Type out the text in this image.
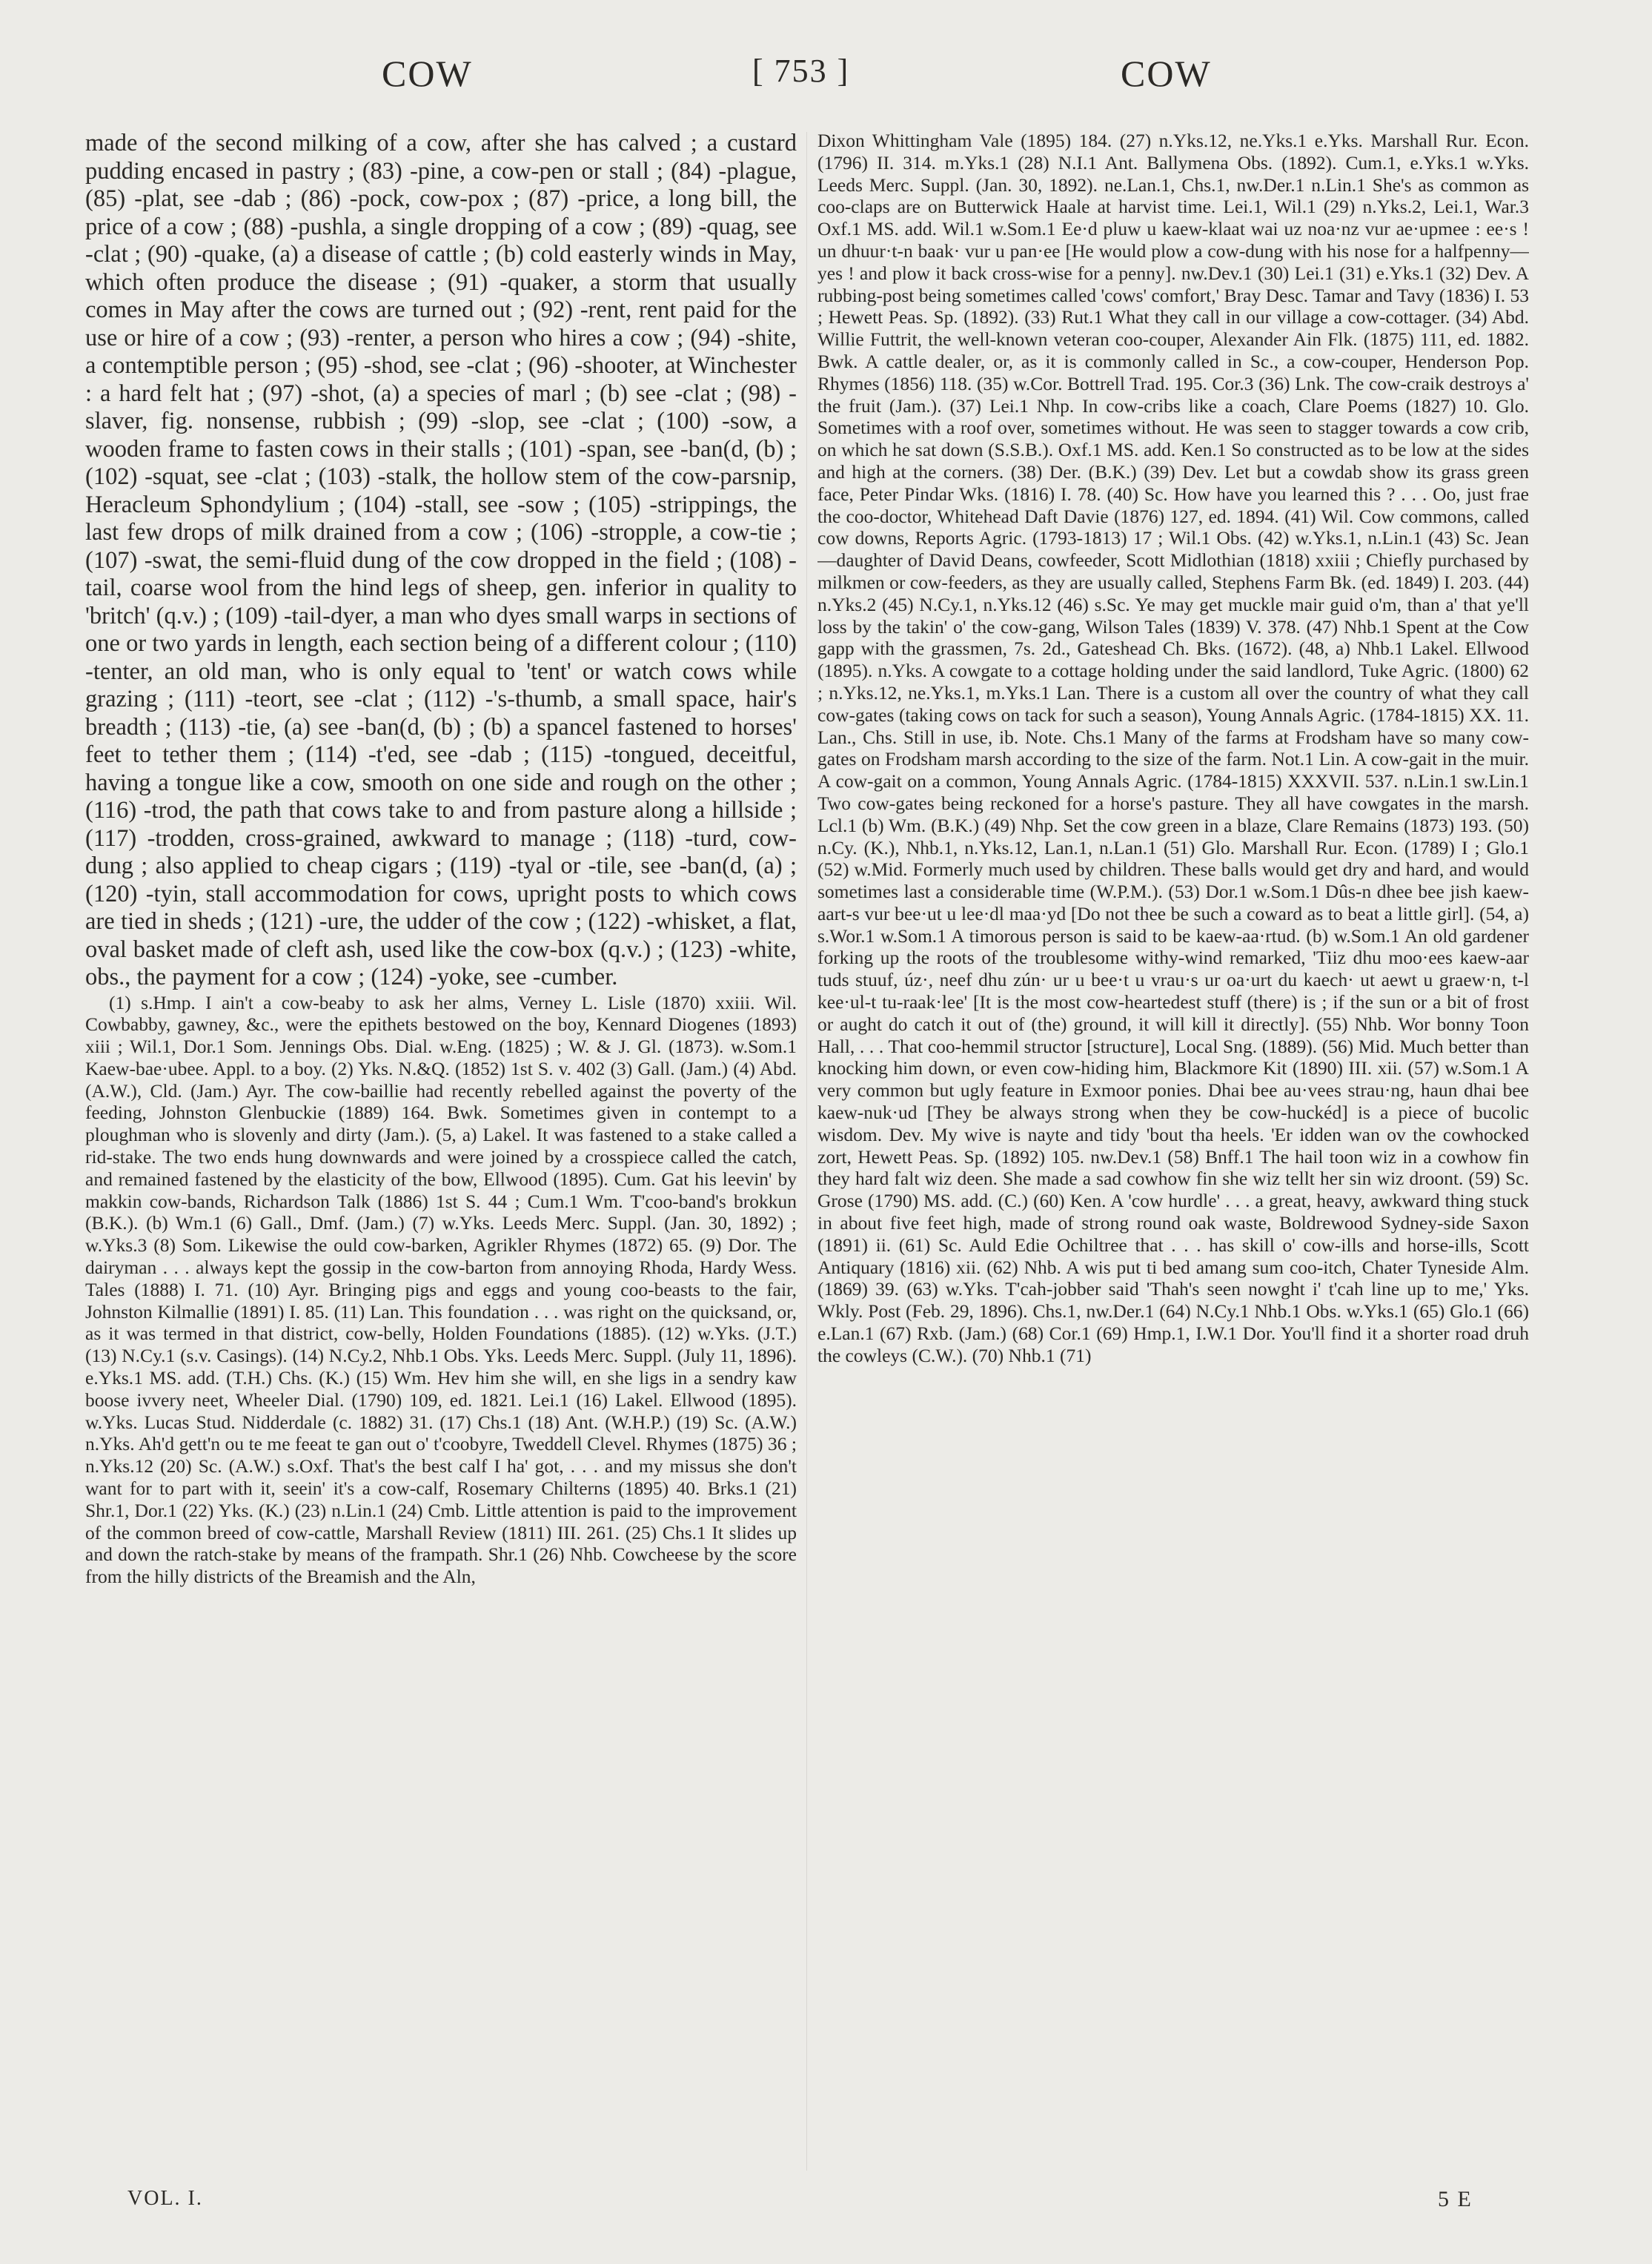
COW	[ 753 ]	COW

made of the second milking of a cow, after she has calved ; a custard pudding encased in pastry ; (83) -pine, a cow-pen or stall ; (84) -plague, (85) -plat, see -dab ; (86) -pock, cow-pox ; (87) -price, a long bill, the price of a cow ; (88) -pushla, a single dropping of a cow ; (89) -quag, see -clat ; (90) -quake, (a) a disease of cattle ; (b) cold easterly winds in May, which often produce the disease ; (91) -quaker, a storm that usually comes in May after the cows are turned out ; (92) -rent, rent paid for the use or hire of a cow ; (93) -renter, a person who hires a cow ; (94) -shite, a contemptible person ; (95) -shod, see -clat ; (96) -shooter, at Winchester : a hard felt hat ; (97) -shot, (a) a species of marl ; (b) see -clat ; (98) -slaver, fig. nonsense, rubbish ; (99) -slop, see -clat ; (100) -sow, a wooden frame to fasten cows in their stalls ; (101) -span, see -ban(d, (b) ; (102) -squat, see -clat ; (103) -stalk, the hollow stem of the cow-parsnip, Heracleum Sphondylium ; (104) -stall, see -sow ; (105) -strippings, the last few drops of milk drained from a cow ; (106) -stropple, a cow-tie ; (107) -swat, the semi-fluid dung of the cow dropped in the field ; (108) -tail, coarse wool from the hind legs of sheep, gen. inferior in quality to 'britch' (q.v.) ; (109) -tail-dyer, a man who dyes small warps in sections of one or two yards in length, each section being of a different colour ; (110) -tenter, an old man, who is only equal to 'tent' or watch cows while grazing ; (111) -teort, see -clat ; (112) -'s-thumb, a small space, hair's breadth ; (113) -tie, (a) see -ban(d, (b) ; (b) a spancel fastened to horses' feet to tether them ; (114) -t'ed, see -dab ; (115) -tongued, deceitful, having a tongue like a cow, smooth on one side and rough on the other ; (116) -trod, the path that cows take to and from pasture along a hillside ; (117) -trodden, cross-grained, awkward to manage ; (118) -turd, cow-dung ; also applied to cheap cigars ; (119) -tyal or -tile, see -ban(d, (a) ; (120) -tyin, stall accommodation for cows, upright posts to which cows are tied in sheds ; (121) -ure, the udder of the cow ; (122) -whisket, a flat, oval basket made of cleft ash, used like the cow-box (q.v.) ; (123) -white, obs., the payment for a cow ; (124) -yoke, see -cumber.

(1) s.Hmp. I ain't a cow-beaby to ask her alms, Verney L. Lisle (1870) xxiii. Wil. Cowbabby, gawney, &c., were the epithets bestowed on the boy, Kennard Diogenes (1893) xiii ; Wil.1, Dor.1 Som. Jennings Obs. Dial. w.Eng. (1825) ; W. & J. Gl. (1873). w.Som.1 Kaew-bae·ubee. Appl. to a boy. (2) Yks. N.&Q. (1852) 1st S. v. 402 (3) Gall. (Jam.) (4) Abd. (A.W.), Cld. (Jam.) Ayr. The cow-baillie had recently rebelled against the poverty of the feeding, Johnston Glenbuckie (1889) 164. Bwk. Sometimes given in contempt to a ploughman who is slovenly and dirty (Jam.). (5, a) Lakel. It was fastened to a stake called a rid-stake. The two ends hung downwards and were joined by a crosspiece called the catch, and remained fastened by the elasticity of the bow, Ellwood (1895). Cum. Gat his leevin' by makkin cow-bands, Richardson Talk (1886) 1st S. 44 ; Cum.1 Wm. T'coo-band's brokkun (B.K.). (b) Wm.1 (6) Gall., Dmf. (Jam.) (7) w.Yks. Leeds Merc. Suppl. (Jan. 30, 1892) ; w.Yks.3 (8) Som. Likewise the ould cow-barken, Agrikler Rhymes (1872) 65. (9) Dor. The dairyman . . . always kept the gossip in the cow-barton from annoying Rhoda, Hardy Wess. Tales (1888) I. 71. (10) Ayr. Bringing pigs and eggs and young coo-beasts to the fair, Johnston Kilmallie (1891) I. 85. (11) Lan. This foundation . . . was right on the quicksand, or, as it was termed in that district, cow-belly, Holden Foundations (1885). (12) w.Yks. (J.T.) (13) N.Cy.1 (s.v. Casings). (14) N.Cy.2, Nhb.1 Obs. Yks. Leeds Merc. Suppl. (July 11, 1896). e.Yks.1 MS. add. (T.H.) Chs. (K.) (15) Wm. Hev him she will, en she ligs in a sendry kaw boose ivvery neet, Wheeler Dial. (1790) 109, ed. 1821. Lei.1 (16) Lakel. Ellwood (1895). w.Yks. Lucas Stud. Nidderdale (c. 1882) 31. (17) Chs.1 (18) Ant. (W.H.P.) (19) Sc. (A.W.) n.Yks. Ah'd gett'n ou te me feeat te gan out o' t'coobyre, Tweddell Clevel. Rhymes (1875) 36 ; n.Yks.12 (20) Sc. (A.W.) s.Oxf. That's the best calf I ha' got, . . . and my missus she don't want for to part with it, seein' it's a cow-calf, Rosemary Chilterns (1895) 40. Brks.1 (21) Shr.1, Dor.1 (22) Yks. (K.) (23) n.Lin.1 (24) Cmb. Little attention is paid to the improvement of the common breed of cow-cattle, Marshall Review (1811) III. 261. (25) Chs.1 It slides up and down the ratch-stake by means of the frampath. Shr.1 (26) Nhb. Cowcheese by the score from the hilly districts of the Breamish and the Aln,

Dixon Whittingham Vale (1895) 184. (27) n.Yks.12, ne.Yks.1 e.Yks. Marshall Rur. Econ. (1796) II. 314. m.Yks.1 (28) N.I.1 Ant. Ballymena Obs. (1892). Cum.1, e.Yks.1 w.Yks. Leeds Merc. Suppl. (Jan. 30, 1892). ne.Lan.1, Chs.1, nw.Der.1 n.Lin.1 She's as common as coo-claps are on Butterwick Haale at harvist time. Lei.1, Wil.1 (29) n.Yks.2, Lei.1, War.3 Oxf.1 MS. add. Wil.1 w.Som.1 Ee·d pluw u kaew-klaat wai uz noa·nz vur ae·upmee : ee·s ! un dhuur·t-n baak· vur u pan·ee [He would plow a cow-dung with his nose for a halfpenny—yes ! and plow it back cross-wise for a penny]. nw.Dev.1 (30) Lei.1 (31) e.Yks.1 (32) Dev. A rubbing-post being sometimes called 'cows' comfort,' Bray Desc. Tamar and Tavy (1836) I. 53 ; Hewett Peas. Sp. (1892). (33) Rut.1 What they call in our village a cow-cottager. (34) Abd. Willie Futtrit, the well-known veteran coo-couper, Alexander Ain Flk. (1875) 111, ed. 1882. Bwk. A cattle dealer, or, as it is commonly called in Sc., a cow-couper, Henderson Pop. Rhymes (1856) 118. (35) w.Cor. Bottrell Trad. 195. Cor.3 (36) Lnk. The cow-craik destroys a' the fruit (Jam.). (37) Lei.1 Nhp. In cow-cribs like a coach, Clare Poems (1827) 10. Glo. Sometimes with a roof over, sometimes without. He was seen to stagger towards a cow crib, on which he sat down (S.S.B.). Oxf.1 MS. add. Ken.1 So constructed as to be low at the sides and high at the corners. (38) Der. (B.K.) (39) Dev. Let but a cowdab show its grass green face, Peter Pindar Wks. (1816) I. 78. (40) Sc. How have you learned this ? . . . Oo, just frae the coo-doctor, Whitehead Daft Davie (1876) 127, ed. 1894. (41) Wil. Cow commons, called cow downs, Reports Agric. (1793-1813) 17 ; Wil.1 Obs. (42) w.Yks.1, n.Lin.1 (43) Sc. Jean—daughter of David Deans, cowfeeder, Scott Midlothian (1818) xxiii ; Chiefly purchased by milkmen or cow-feeders, as they are usually called, Stephens Farm Bk. (ed. 1849) I. 203. (44) n.Yks.2 (45) N.Cy.1, n.Yks.12 (46) s.Sc. Ye may get muckle mair guid o'm, than a' that ye'll loss by the takin' o' the cow-gang, Wilson Tales (1839) V. 378. (47) Nhb.1 Spent at the Cow gapp with the grassmen, 7s. 2d., Gateshead Ch. Bks. (1672). (48, a) Nhb.1 Lakel. Ellwood (1895). n.Yks. A cowgate to a cottage holding under the said landlord, Tuke Agric. (1800) 62 ; n.Yks.12, ne.Yks.1, m.Yks.1 Lan. There is a custom all over the country of what they call cow-gates (taking cows on tack for such a season), Young Annals Agric. (1784-1815) XX. 11. Lan., Chs. Still in use, ib. Note. Chs.1 Many of the farms at Frodsham have so many cow-gates on Frodsham marsh according to the size of the farm. Not.1 Lin. A cow-gait in the muir. A cow-gait on a common, Young Annals Agric. (1784-1815) XXXVII. 537. n.Lin.1 sw.Lin.1 Two cow-gates being reckoned for a horse's pasture. They all have cowgates in the marsh. Lcl.1 (b) Wm. (B.K.) (49) Nhp. Set the cow green in a blaze, Clare Remains (1873) 193. (50) n.Cy. (K.), Nhb.1, n.Yks.12, Lan.1, n.Lan.1 (51) Glo. Marshall Rur. Econ. (1789) I ; Glo.1 (52) w.Mid. Formerly much used by children. These balls would get dry and hard, and would sometimes last a considerable time (W.P.M.). (53) Dor.1 w.Som.1 Dûs-n dhee bee jish kaew-aart-s vur bee·ut u lee·dl maa·yd [Do not thee be such a coward as to beat a little girl]. (54, a) s.Wor.1 w.Som.1 A timorous person is said to be kaew-aa·rtud. (b) w.Som.1 An old gardener forking up the roots of the troublesome withy-wind remarked, 'Tiiz dhu moo·ees kaew-aar tuds stuuf, úz·, neef dhu zún· ur u bee·t u vrau·s ur oa·urt du kaech· ut aewt u graew·n, t-l kee·ul-t tu-raak·lee' [It is the most cow-heartedest stuff (there) is ; if the sun or a bit of frost or aught do catch it out of (the) ground, it will kill it directly]. (55) Nhb. Wor bonny Toon Hall, . . . That coo-hemmil structor [structure], Local Sng. (1889). (56) Mid. Much better than knocking him down, or even cow-hiding him, Blackmore Kit (1890) III. xii. (57) w.Som.1 A very common but ugly feature in Exmoor ponies. Dhai bee au·vees strau·ng, haun dhai bee kaew-nuk·ud [They be always strong when they be cow-huckéd] is a piece of bucolic wisdom. Dev. My wive is nayte and tidy 'bout tha heels. 'Er idden wan ov the cowhocked zort, Hewett Peas. Sp. (1892) 105. nw.Dev.1 (58) Bnff.1 The hail toon wiz in a cowhow fin they hard falt wiz deen. She made a sad cowhow fin she wiz tellt her sin wiz droont. (59) Sc. Grose (1790) MS. add. (C.) (60) Ken. A 'cow hurdle' . . . a great, heavy, awkward thing stuck in about five feet high, made of strong round oak waste, Boldrewood Sydney-side Saxon (1891) ii. (61) Sc. Auld Edie Ochiltree that . . . has skill o' cow-ills and horse-ills, Scott Antiquary (1816) xii. (62) Nhb. A wis put ti bed amang sum coo-itch, Chater Tyneside Alm. (1869) 39. (63) w.Yks. T'cah-jobber said 'Thah's seen nowght i' t'cah line up to me,' Yks. Wkly. Post (Feb. 29, 1896). Chs.1, nw.Der.1 (64) N.Cy.1 Nhb.1 Obs. w.Yks.1 (65) Glo.1 (66) e.Lan.1 (67) Rxb. (Jam.) (68) Cor.1 (69) Hmp.1, I.W.1 Dor. You'll find it a shorter road druh the cowleys (C.W.). (70) Nhb.1 (71)

VOL. I.	5 E
